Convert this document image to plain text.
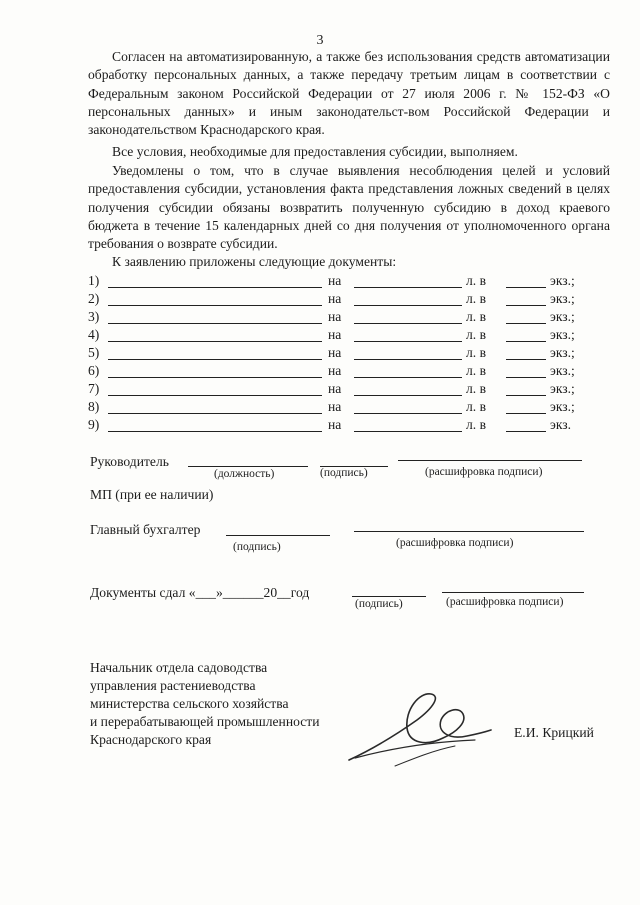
3

Согласен на автоматизированную, а также без использования средств автоматизации обработку персональных данных, а также передачу третьим лицам в соответствии с Федеральным законом Российской Федерации от 27 июля 2006 г. № 152-ФЗ «О персональных данных» и иным законодательст-вом Российской Федерации и законодательством Краснодарского края.

Все условия, необходимые для предоставления субсидии, выполняем.

Уведомлены о том, что в случае выявления несоблюдения целей и условий предоставления субсидии, установления факта представления ложных сведений в целях получения субсидии обязаны возвратить полученную субсидию в доход краевого бюджета в течение 15 календарных дней со дня получения от уполномоченного органа требования о возврате субсидии.

К заявлению приложены следующие документы:

1)	на	л. в	экз.;
2)	на	л. в	экз.;
3)	на	л. в	экз.;
4)	на	л. в	экз.;
5)	на	л. в	экз.;
6)	на	л. в	экз.;
7)	на	л. в	экз.;
8)	на	л. в	экз.;
9)	на	л. в	экз.
Руководитель
(должность)	(подпись)	(расшифровка подписи)
МП (при ее наличии)
Главный бухгалтер
(подпись)	(расшифровка подписи)
Документы сдал «___»______20__год
(подпись)	(расшифровка подписи)
Начальник отдела садоводства
управления растениеводства
министерства сельского хозяйства
и перерабатывающей промышленности
Краснодарского края	Е.И. Крицкий
